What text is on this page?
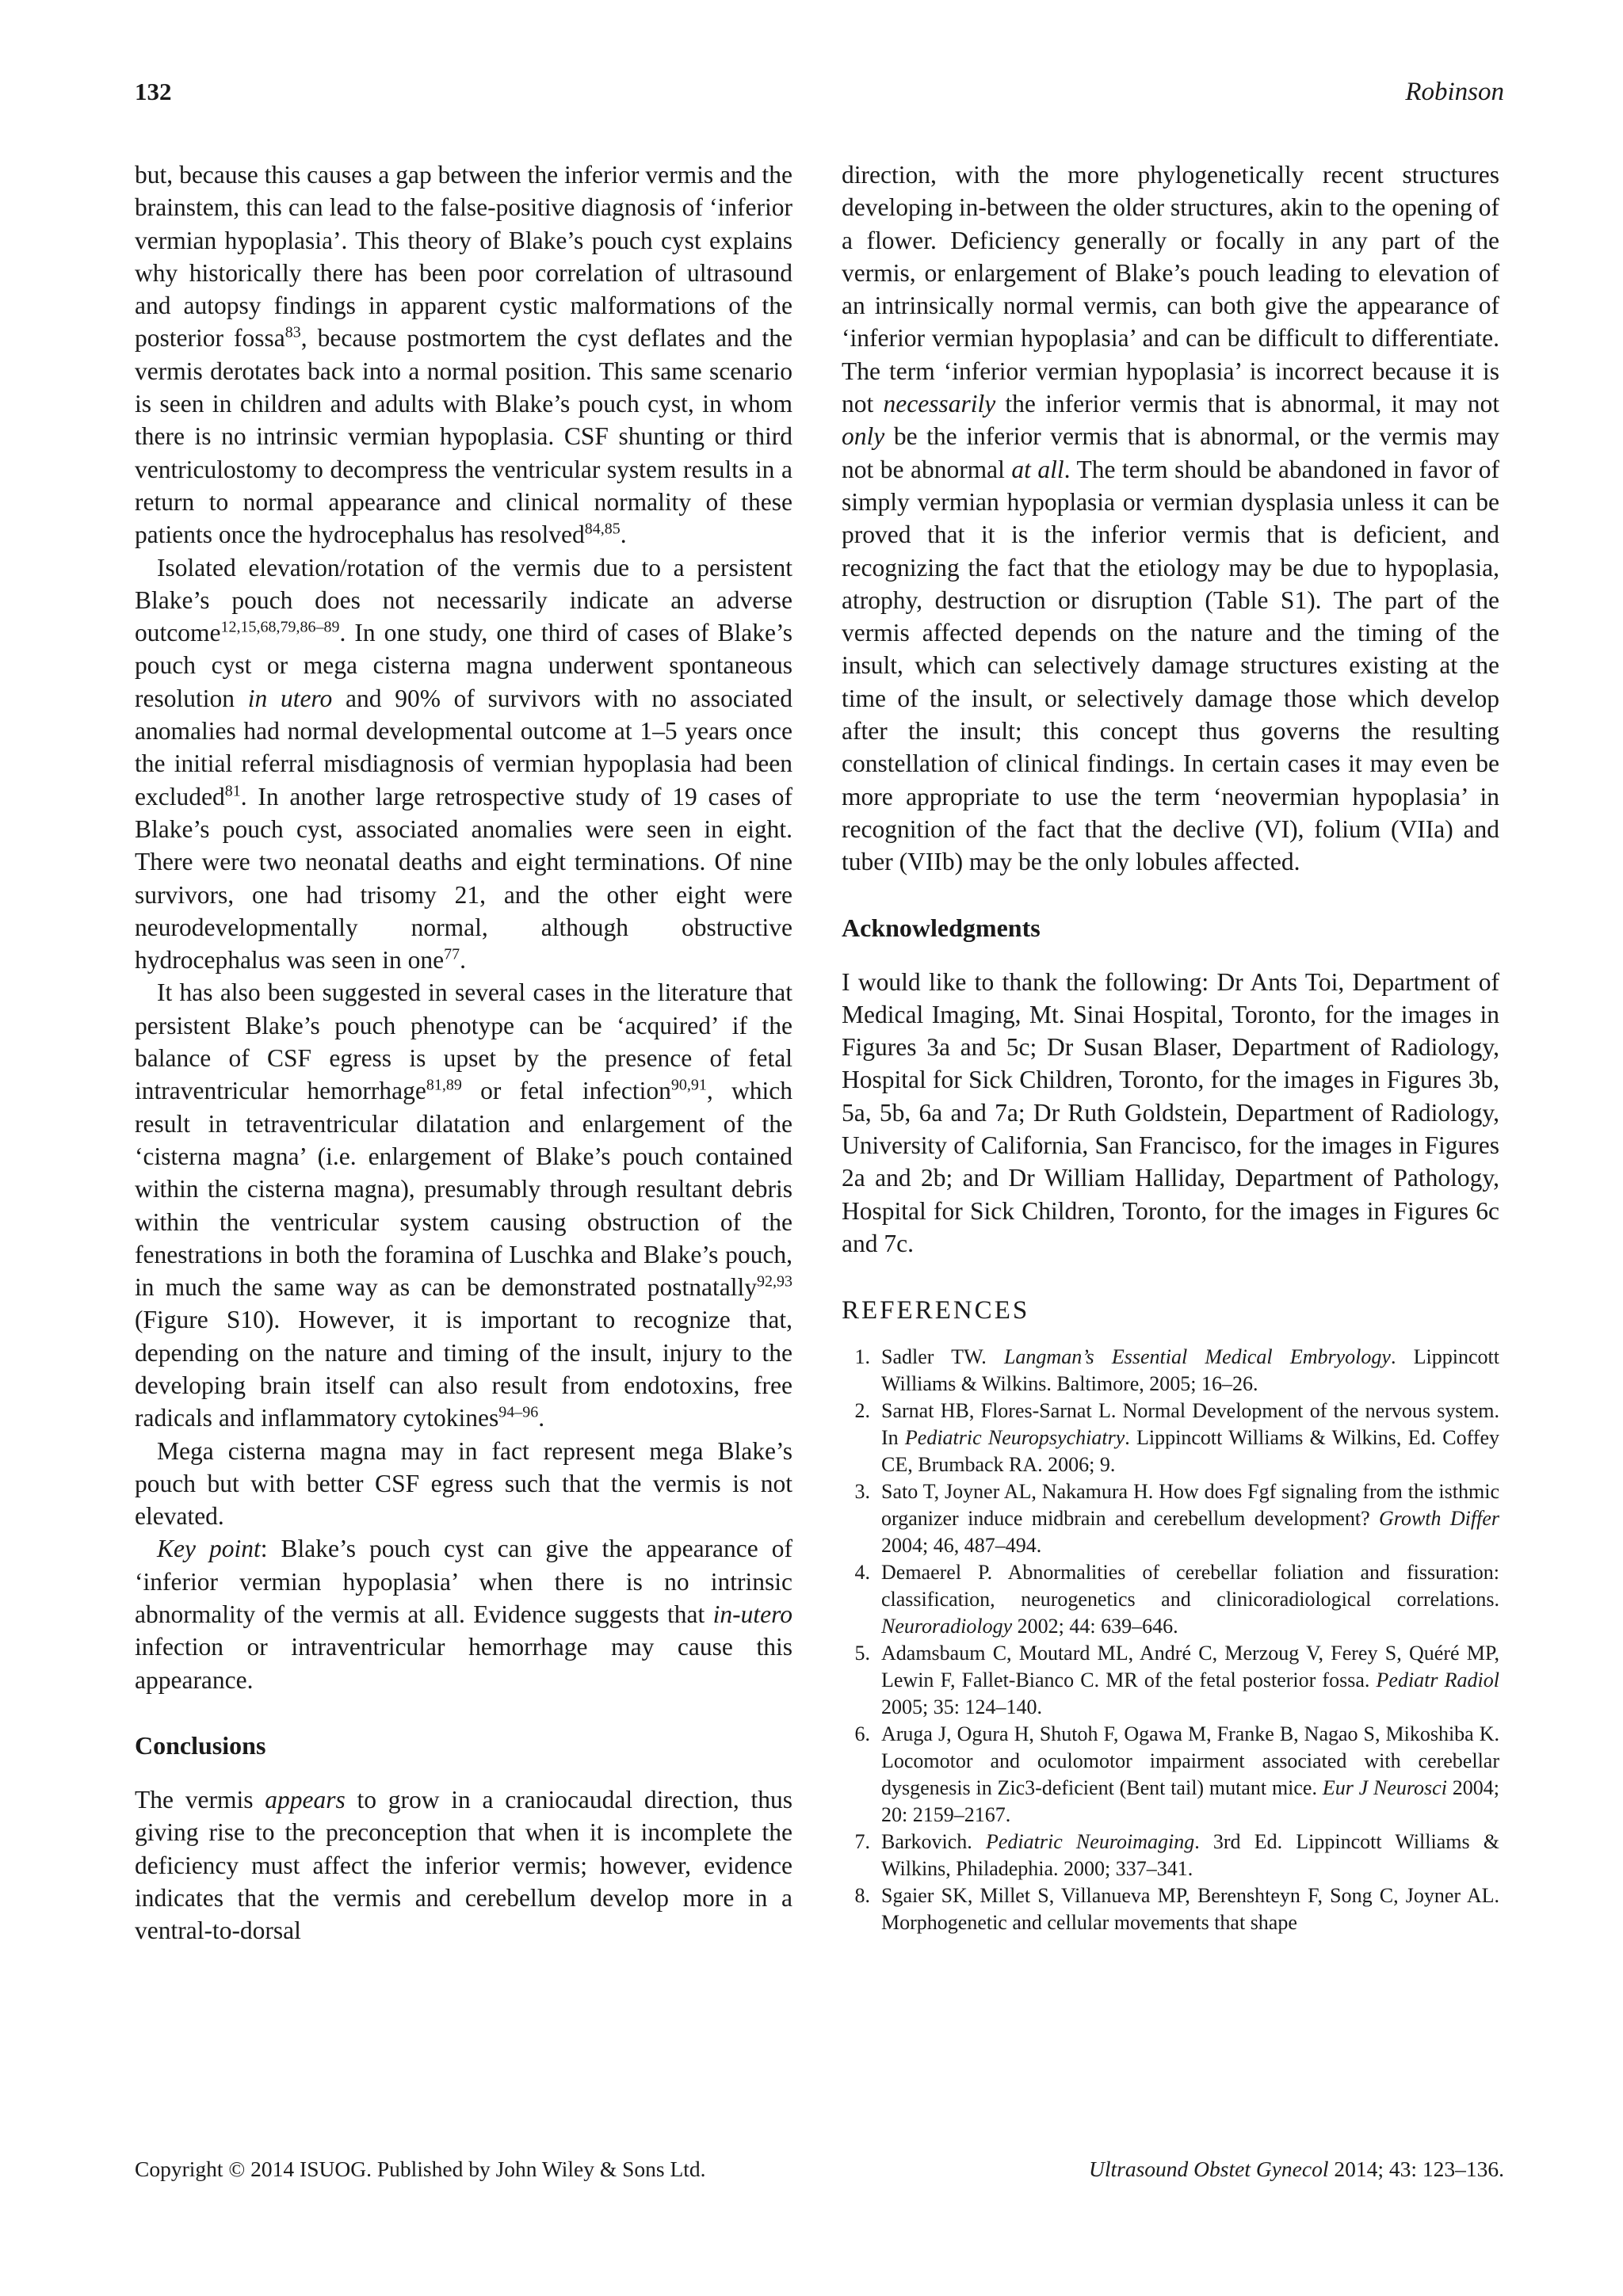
132	Robinson

but, because this causes a gap between the inferior vermis and the brainstem, this can lead to the false-positive diagnosis of ‘inferior vermian hypoplasia’. This theory of Blake’s pouch cyst explains why historically there has been poor correlation of ultrasound and autopsy findings in apparent cystic malformations of the posterior fossa$^{83}$, because postmortem the cyst deflates and the vermis derotates back into a normal position. This same scenario is seen in children and adults with Blake’s pouch cyst, in whom there is no intrinsic vermian hypoplasia. CSF shunting or third ventriculostomy to decompress the ventricular system results in a return to normal appearance and clinical normality of these patients once the hydrocephalus has resolved$^{84,85}$.

Isolated elevation/rotation of the vermis due to a persistent Blake’s pouch does not necessarily indicate an adverse outcome$^{12,15,68,79,86-89}$. In one study, one third of cases of Blake’s pouch cyst or mega cisterna magna underwent spontaneous resolution in utero and 90% of survivors with no associated anomalies had normal developmental outcome at 1–5 years once the initial referral misdiagnosis of vermian hypoplasia had been excluded$^{81}$. In another large retrospective study of 19 cases of Blake’s pouch cyst, associated anomalies were seen in eight. There were two neonatal deaths and eight terminations. Of nine survivors, one had trisomy 21, and the other eight were neurodevelopmentally normal, although obstructive hydrocephalus was seen in one$^{77}$.

It has also been suggested in several cases in the literature that persistent Blake’s pouch phenotype can be ‘acquired’ if the balance of CSF egress is upset by the presence of fetal intraventricular hemorrhage$^{81,89}$ or fetal infection$^{90,91}$, which result in tetraventricular dilatation and enlargement of the ‘cisterna magna’ (i.e. enlargement of Blake’s pouch contained within the cisterna magna), presumably through resultant debris within the ventricular system causing obstruction of the fenestrations in both the foramina of Luschka and Blake’s pouch, in much the same way as can be demonstrated postnatally$^{92,93}$ (Figure S10). However, it is important to recognize that, depending on the nature and timing of the insult, injury to the developing brain itself can also result from endotoxins, free radicals and inflammatory cytokines$^{94-96}$.

Mega cisterna magna may in fact represent mega Blake’s pouch but with better CSF egress such that the vermis is not elevated.

Key point: Blake’s pouch cyst can give the appearance of ‘inferior vermian hypoplasia’ when there is no intrinsic abnormality of the vermis at all. Evidence suggests that in-utero infection or intraventricular hemorrhage may cause this appearance.

Conclusions

The vermis appears to grow in a craniocaudal direction, thus giving rise to the preconception that when it is incomplete the deficiency must affect the inferior vermis; however, evidence indicates that the vermis and cerebellum develop more in a ventral-to-dorsal

direction, with the more phylogenetically recent structures developing in-between the older structures, akin to the opening of a flower. Deficiency generally or focally in any part of the vermis, or enlargement of Blake’s pouch leading to elevation of an intrinsically normal vermis, can both give the appearance of ‘inferior vermian hypoplasia’ and can be difficult to differentiate. The term ‘inferior vermian hypoplasia’ is incorrect because it is not necessarily the inferior vermis that is abnormal, it may not only be the inferior vermis that is abnormal, or the vermis may not be abnormal at all. The term should be abandoned in favor of simply vermian hypoplasia or vermian dysplasia unless it can be proved that it is the inferior vermis that is deficient, and recognizing the fact that the etiology may be due to hypoplasia, atrophy, destruction or disruption (Table S1). The part of the vermis affected depends on the nature and the timing of the insult, which can selectively damage structures existing at the time of the insult, or selectively damage those which develop after the insult; this concept thus governs the resulting constellation of clinical findings. In certain cases it may even be more appropriate to use the term ‘neovermian hypoplasia’ in recognition of the fact that the declive (VI), folium (VIIa) and tuber (VIIb) may be the only lobules affected.

Acknowledgments

I would like to thank the following: Dr Ants Toi, Department of Medical Imaging, Mt. Sinai Hospital, Toronto, for the images in Figures 3a and 5c; Dr Susan Blaser, Department of Radiology, Hospital for Sick Children, Toronto, for the images in Figures 3b, 5a, 5b, 6a and 7a; Dr Ruth Goldstein, Department of Radiology, University of California, San Francisco, for the images in Figures 2a and 2b; and Dr William Halliday, Department of Pathology, Hospital for Sick Children, Toronto, for the images in Figures 6c and 7c.

REFERENCES
1. Sadler TW. Langman’s Essential Medical Embryology. Lippincott Williams & Wilkins. Baltimore, 2005; 16–26.
2. Sarnat HB, Flores-Sarnat L. Normal Development of the nervous system. In Pediatric Neuropsychiatry. Lippincott Williams & Wilkins, Ed. Coffey CE, Brumback RA. 2006; 9.
3. Sato T, Joyner AL, Nakamura H. How does Fgf signaling from the isthmic organizer induce midbrain and cerebellum development? Growth Differ 2004; 46, 487–494.
4. Demaerel P. Abnormalities of cerebellar foliation and fissuration: classification, neurogenetics and clinicoradiological correlations. Neuroradiology 2002; 44: 639–646.
5. Adamsbaum C, Moutard ML, André C, Merzoug V, Ferey S, Quéré MP, Lewin F, Fallet-Bianco C. MR of the fetal posterior fossa. Pediatr Radiol 2005; 35: 124–140.
6. Aruga J, Ogura H, Shutoh F, Ogawa M, Franke B, Nagao S, Mikoshiba K. Locomotor and oculomotor impairment associated with cerebellar dysgenesis in Zic3-deficient (Bent tail) mutant mice. Eur J Neurosci 2004; 20: 2159–2167.
7. Barkovich. Pediatric Neuroimaging. 3rd Ed. Lippincott Williams & Wilkins, Philadephia. 2000; 337–341.
8. Sgaier SK, Millet S, Villanueva MP, Berenshteyn F, Song C, Joyner AL. Morphogenetic and cellular movements that shape
Copyright © 2014 ISUOG. Published by John Wiley & Sons Ltd.	Ultrasound Obstet Gynecol 2014; 43: 123–136.
